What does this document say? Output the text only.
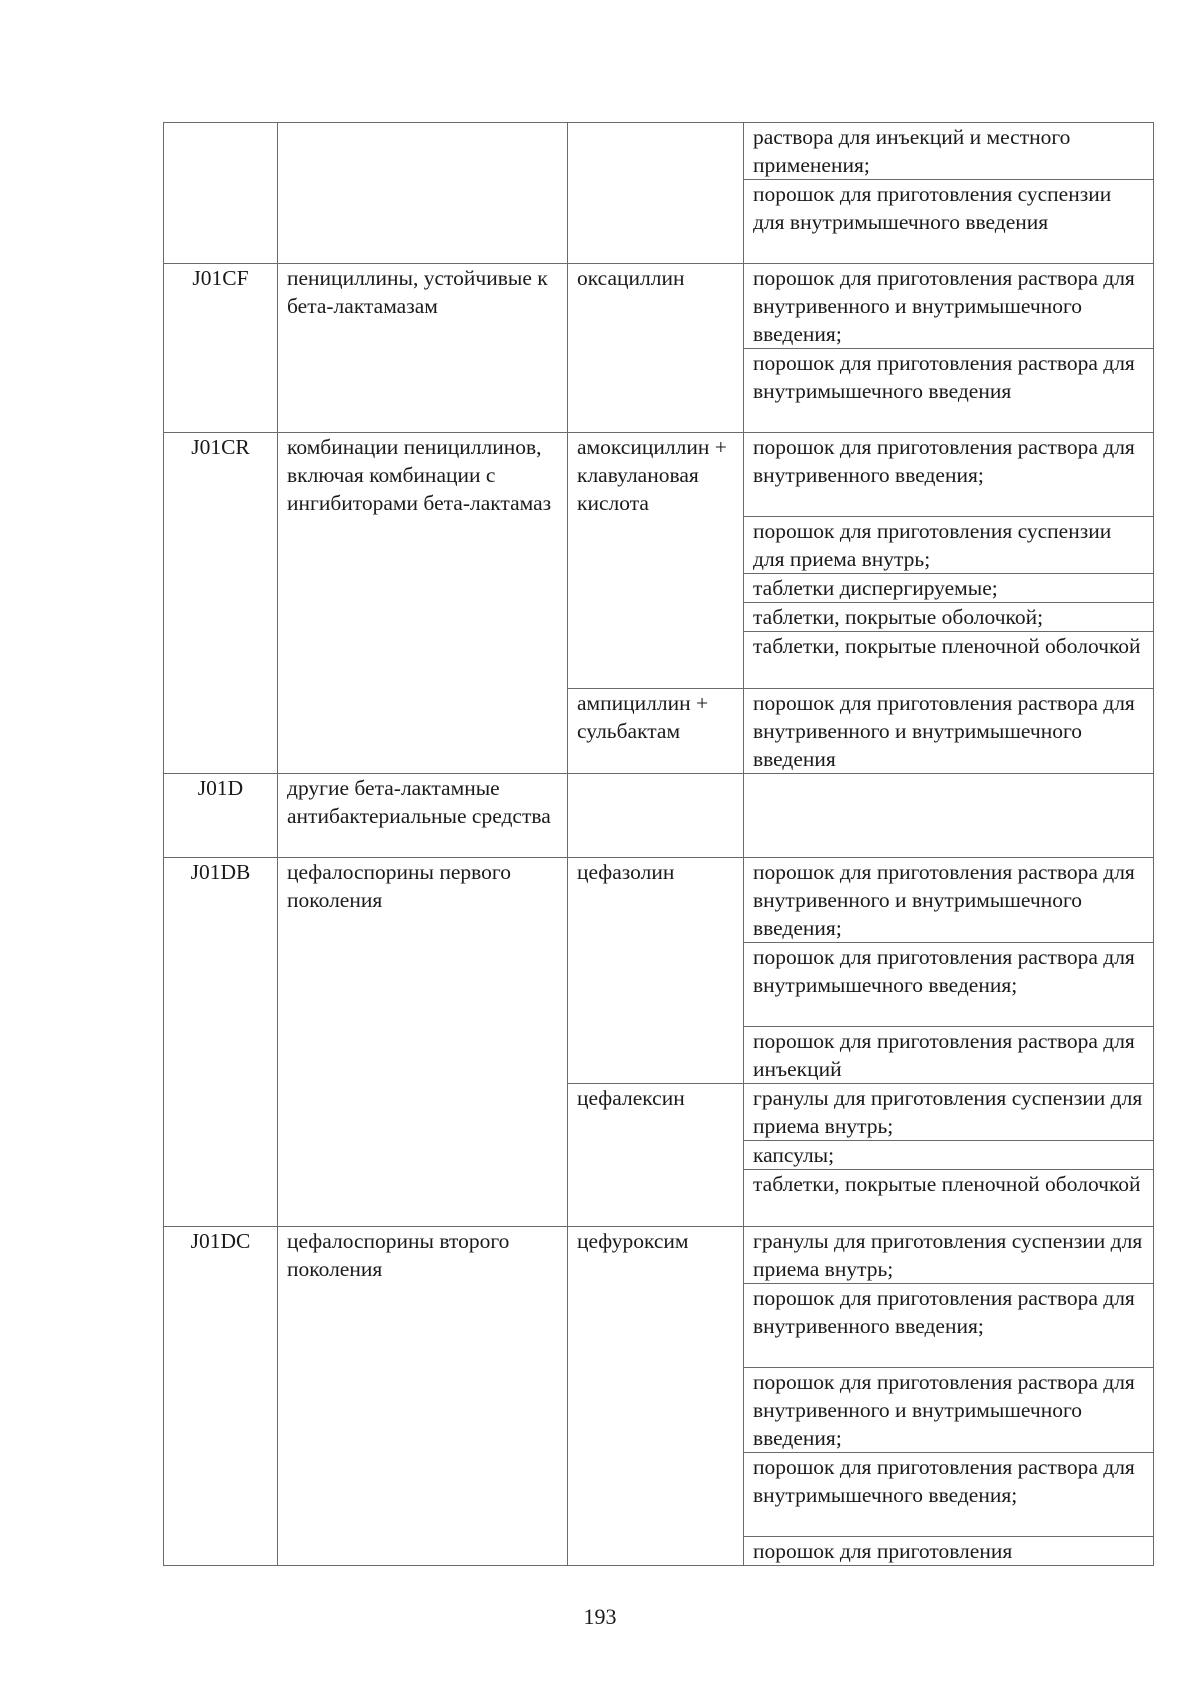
			раствора для инъекций и местного применения;
			порошок для приготовления суспензии для внутримышечного введения
J01CF	пенициллины, устойчивые к бета-лактамазам	оксациллин	порошок для приготовления раствора для внутривенного и внутримышечного введения;
			порошок для приготовления раствора для внутримышечного введения
J01CR	комбинации пенициллинов, включая комбинации с ингибиторами бета-лактамаз	амоксициллин + клавулановая кислота	порошок для приготовления раствора для внутривенного введения;
			порошок для приготовления суспензии для приема внутрь;
			таблетки диспергируемые;
			таблетки, покрытые оболочкой;
			таблетки, покрытые пленочной оболочкой
		ампициллин + сульбактам	порошок для приготовления раствора для внутривенного и внутримышечного введения
J01D	другие бета-лактамные антибактериальные средства		
J01DB	цефалоспорины первого поколения	цефазолин	порошок для приготовления раствора для внутривенного и внутримышечного введения;
			порошок для приготовления раствора для внутримышечного введения;
			порошок для приготовления раствора для инъекций
		цефалексин	гранулы для приготовления суспензии для приема внутрь;
			капсулы;
			таблетки, покрытые пленочной оболочкой
J01DC	цефалоспорины второго поколения	цефуроксим	гранулы для приготовления суспензии для приема внутрь;
			порошок для приготовления раствора для внутривенного введения;
			порошок для приготовления раствора для внутривенного и внутримышечного введения;
			порошок для приготовления раствора для внутримышечного введения;
			порошок для приготовления
193
